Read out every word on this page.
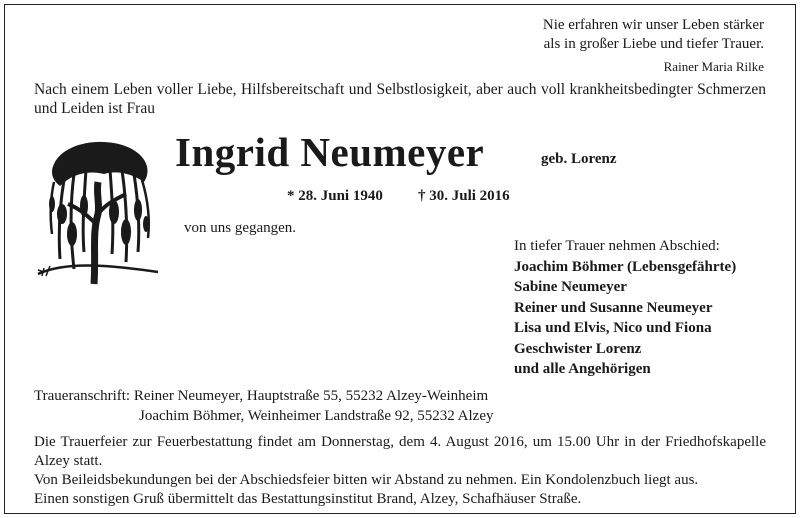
Nie erfahren wir unser Leben stärker
als in großer Liebe und tiefer Trauer.
Rainer Maria Rilke
Nach einem Leben voller Liebe, Hilfsbereitschaft und Selbstlosigkeit, aber auch voll krankheitsbedingter Schmerzen und Leiden ist Frau
Ingrid Neumeyer	geb. Lorenz
* 28. Juni 1940 † 30. Juli 2016
von uns gegangen.
In tiefer Trauer nehmen Abschied:
Joachim Böhmer (Lebensgefährte)
Sabine Neumeyer
Reiner und Susanne Neumeyer
Lisa und Elvis, Nico und Fiona
Geschwister Lorenz
und alle Angehörigen
Traueranschrift: Reiner Neumeyer, Hauptstraße 55, 55232 Alzey-Weinheim
Joachim Böhmer, Weinheimer Landstraße 92, 55232 Alzey
Die Trauerfeier zur Feuerbestattung findet am Donnerstag, dem 4. August 2016, um 15.00 Uhr in der Friedhofskapelle Alzey statt.
Von Beileidsbekundungen bei der Abschiedsfeier bitten wir Abstand zu nehmen. Ein Kondolenzbuch liegt aus.
Einen sonstigen Gruß übermittelt das Bestattungsinstitut Brand, Alzey, Schafhäuser Straße.
